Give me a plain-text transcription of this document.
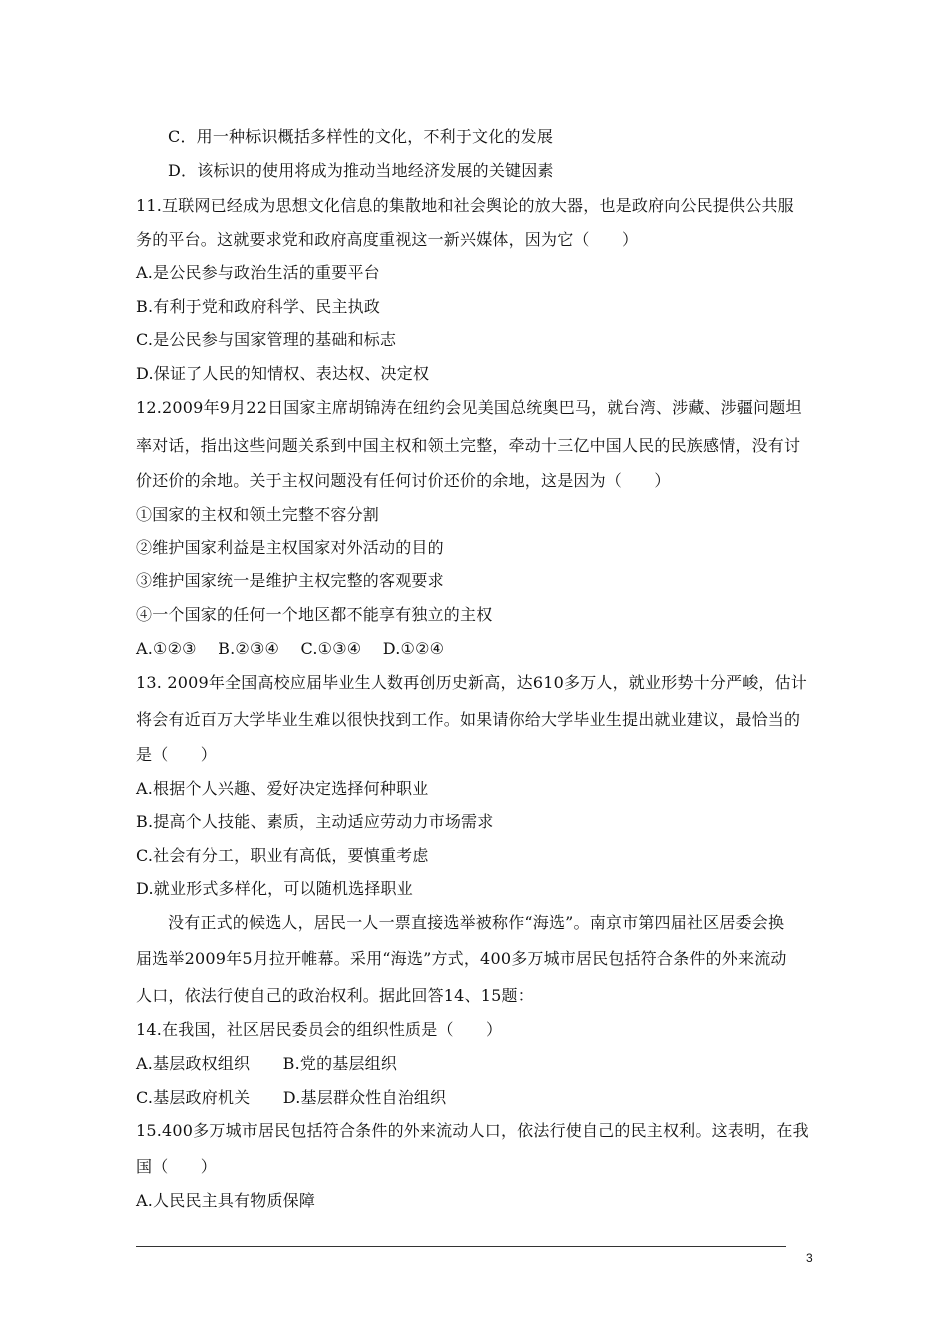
C．用一种标识概括多样性的文化，不利于文化的发展
D．该标识的使用将成为推动当地经济发展的关键因素
11.互联网已经成为思想文化信息的集散地和社会舆论的放大器，也是政府向公民提供公共服
务的平台。这就要求党和政府高度重视这一新兴媒体，因为它（　　）
A.是公民参与政治生活的重要平台
B.有利于党和政府科学、民主执政
C.是公民参与国家管理的基础和标志
D.保证了人民的知情权、表达权、决定权
12.2009年9月22日国家主席胡锦涛在纽约会见美国总统奥巴马，就台湾、涉藏、涉疆问题坦
率对话，指出这些问题关系到中国主权和领土完整，牵动十三亿中国人民的民族感情，没有讨
价还价的余地。关于主权问题没有任何讨价还价的余地，这是因为（　　）
①国家的主权和领土完整不容分割
②维护国家利益是主权国家对外活动的目的
③维护国家统一是维护主权完整的客观要求
④一个国家的任何一个地区都不能享有独立的主权
A.①②③　 B.②③④　 C.①③④　 D.①②④
13. 2009年全国高校应届毕业生人数再创历史新高，达610多万人，就业形势十分严峻，估计
将会有近百万大学毕业生难以很快找到工作。如果请你给大学毕业生提出就业建议，最恰当的
是（　　）
A.根据个人兴趣、爱好决定选择何种职业
B.提高个人技能、素质，主动适应劳动力市场需求
C.社会有分工，职业有高低，要慎重考虑
D.就业形式多样化，可以随机选择职业
没有正式的候选人，居民一人一票直接选举被称作“海选”。南京市第四届社区居委会换
届选举2009年5月拉开帷幕。采用“海选”方式，400多万城市居民包括符合条件的外来流动
人口，依法行使自己的政治权利。据此回答14、15题：
14.在我国，社区居民委员会的组织性质是（　　）
A.基层政权组织　　B.党的基层组织
C.基层政府机关　　D.基层群众性自治组织
15.400多万城市居民包括符合条件的外来流动人口，依法行使自己的民主权利。这表明，在我
国（　　）
A.人民民主具有物质保障
3
